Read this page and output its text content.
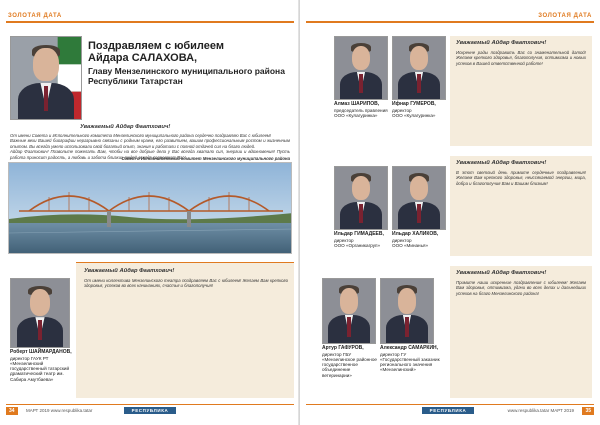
ЗОЛОТАЯ ДАТА
Поздравляем с юбилеем
Айдара САЛАХОВА,
Главу Мензелинского муниципального района Республики Татарстан
Уважаемый Айдар Фаатхович!

От имени Совета и Исполнительного комитета Мензелинского муниципального района сердечно поздравляю Вас с юбилеем!

Важные вехи Вашей биографии неразрывно связаны с родным краем, его развитием, вашим профессиональным ростом и жизненным опытом. Вы всегда умело использовали свой богатый опыт, знания и работали с полной отдачей сил на благо людей.

Айдар Фаатхович! Позвольте пожелать Вам, чтобы на все добрые дела у Вас всегда хватало сил, энергии и вдохновения! Пусть работа приносит радость, а любовь и забота близких людей всегда согревают Вас!

Совет и Исполнительный комитет Мензелинского муниципального района
Уважаемый Айдар Фаатхович!
От имени коллектива Мензелинского театра поздравляем Вас с юбилеем! Желаем Вам крепкого здоровья, успехов во всех начинаниях, счастья и благополучия!
Роберт ШАЙМАРДАНОВ,
директор ГАУК РТ «Мензелинский государственный татарский драматический театр им. Сабира Амутбаева»
34	МАРТ 2019 www.respublika.tatar	РЕСПУБЛИКА
ЗОЛОТАЯ ДАТА
Алмаз ШАРИПОВ,
председатель правления
ООО «Кулагуринка»
Ифнар ГУМЕРОВ,
директор
ООО «Кулагуринка»
Уважаемый Айдар Фаатхович!
Искренне рады поздравить Вас со знаменательной датой! Желаем крепкого здоровья, благополучия, оптимизма и новых успехов в Вашей ответственной работе!
Уважаемый Айдар Фаатхович!
В этот светлый день примите сердечные поздравления! Желаем Вам крепкого здоровья, неиссякаемой энергии, мира, добра и благополучия Вам и Вашим близким!
Ильдар ГИМАДЕЕВ,
директор
ООО «Органикагруп»
Ильдар ХАЛИКОВ,
директор
ООО «Минанья»
Артур ГАФУРОВ,
директор ГБУ «Мензелинское районное государственное объединение ветеринарии»
Александр САМАРКИН,
директор ГУ «Государственный заказник регионального значения «Мензелинский»
Уважаемый Айдар Фаатхович!
Примите наши искренние поздравления с юбилеем! Желаем Вам здоровья, оптимизма, удачи во всех делах и дальнейших успехов на благо Мензелинского района!
www.respublika.tatar МАРТ 2019
РЕСПУБЛИКА	35
